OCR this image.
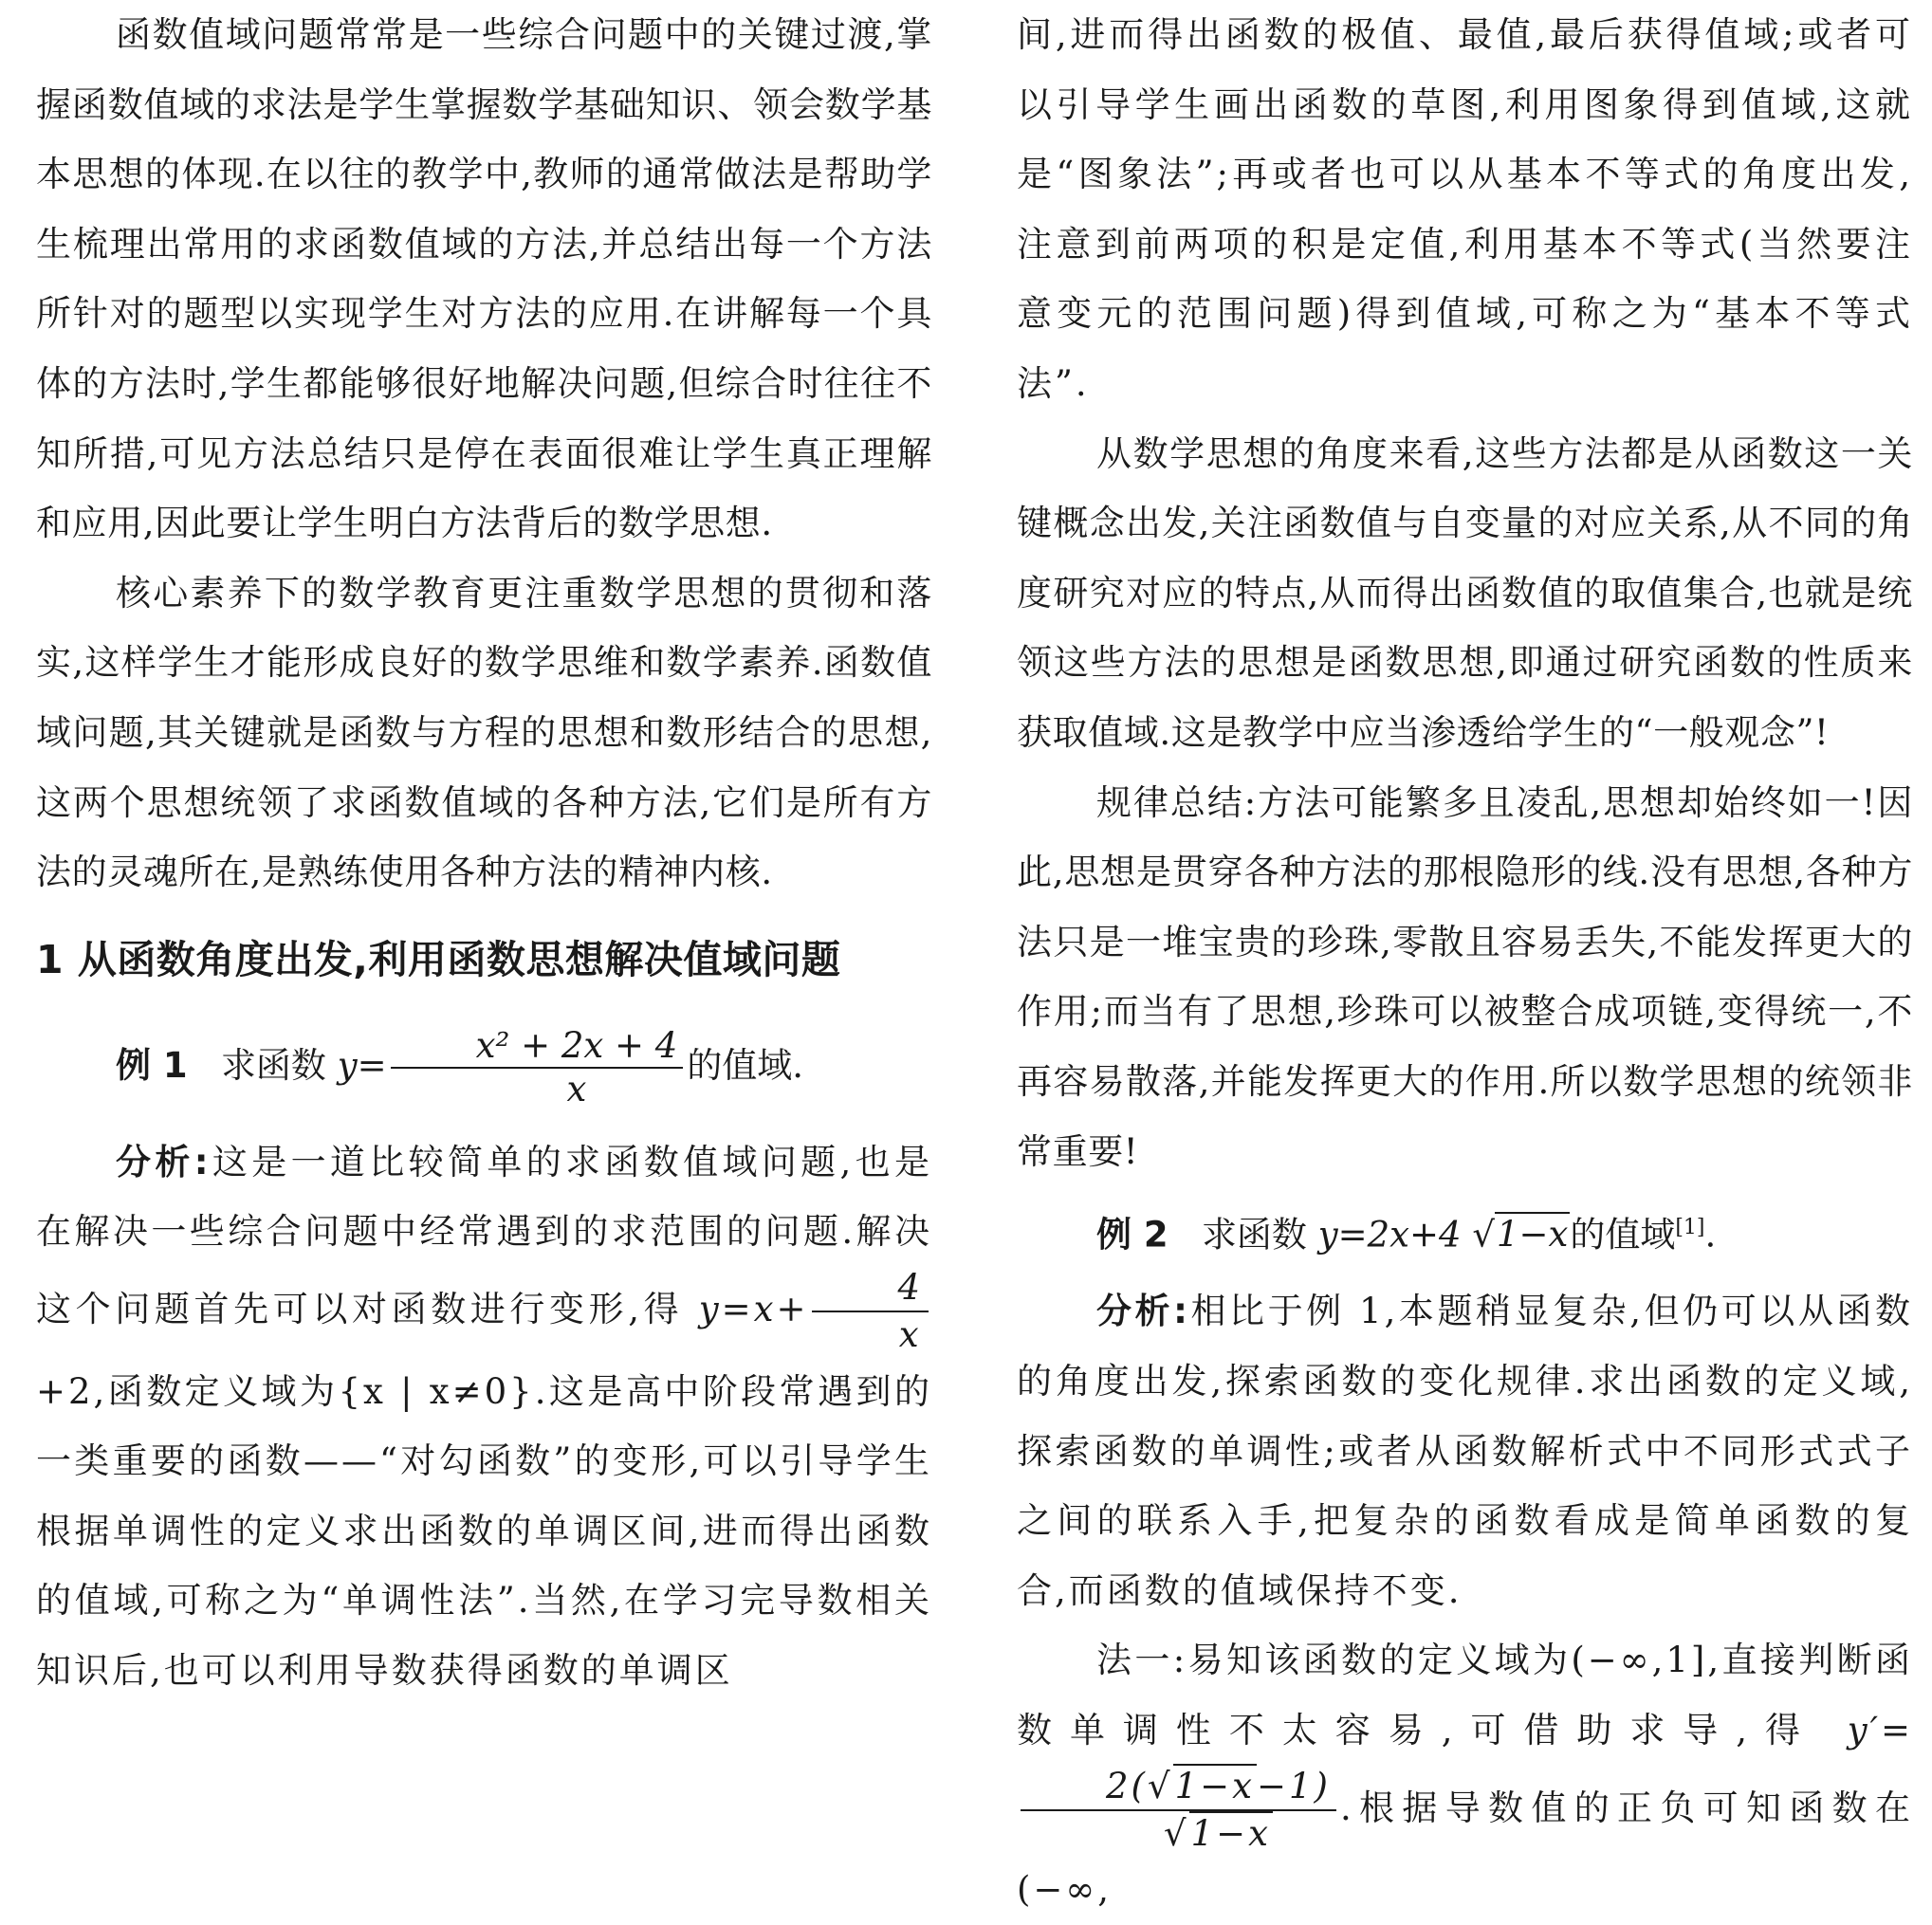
函数值域问题常常是一些综合问题中的关键过渡,掌握函数值域的求法是学生掌握数学基础知识、领会数学基本思想的体现.在以往的教学中,教师的通常做法是帮助学生梳理出常用的求函数值域的方法,并总结出每一个方法所针对的题型以实现学生对方法的应用.在讲解每一个具体的方法时,学生都能够很好地解决问题,但综合时往往不知所措,可见方法总结只是停在表面很难让学生真正理解和应用,因此要让学生明白方法背后的数学思想.

核心素养下的数学教育更注重数学思想的贯彻和落实,这样学生才能形成良好的数学思维和数学素养.函数值域问题,其关键就是函数与方程的思想和数形结合的思想,这两个思想统领了求函数值域的各种方法,它们是所有方法的灵魂所在,是熟练使用各种方法的精神内核.

1 从函数角度出发,利用函数思想解决值域问题

例 1 求函数 $y= \frac{\text{x² + 2x + 4}}{x}$ 的值域.

分析:这是一道比较简单的求函数值域问题,也是在解决一些综合问题中经常遇到的求范围的问题.解决这个问题首先可以对函数进行变形,得 $y=x+ \frac{4}{x}$
+2,函数定义域为{x | x≠0}.这是高中阶段常遇到的一类重要的函数——“对勾函数”的变形,可以引导学生根据单调性的定义求出函数的单调区间,进而得出函数的值域,可称之为“单调性法”.当然,在学习完导数相关知识后,也可以利用导数获得函数的单调区

间,进而得出函数的极值、最值,最后获得值域;或者可以引导学生画出函数的草图,利用图象得到值域,这就是“图象法”;再或者也可以从基本不等式的角度出发,注意到前两项的积是定值,利用基本不等式(当然要注意变元的范围问题)得到值域,可称之为“基本不等式法”.

从数学思想的角度来看,这些方法都是从函数这一关键概念出发,关注函数值与自变量的对应关系,从不同的角度研究对应的特点,从而得出函数值的取值集合,也就是统领这些方法的思想是函数思想,即通过研究函数的性质来获取值域.这是教学中应当渗透给学生的“一般观念”!

规律总结:方法可能繁多且凌乱,思想却始终如一!因此,思想是贯穿各种方法的那根隐形的线.没有思想,各种方法只是一堆宝贵的珍珠,零散且容易丢失,不能发挥更大的作用;而当有了思想,珍珠可以被整合成项链,变得统一,不再容易散落,并能发挥更大的作用.所以数学思想的统领非常重要!

例 2 求函数 y=2x+4 √1−x的值域[1].

分析:相比于例 1,本题稍显复杂,但仍可以从函数的角度出发,探索函数的变化规律.求出函数的定义域,探索函数的单调性;或者从函数解析式中不同形式式子之间的联系入手,把复杂的函数看成是简单函数的复合,而函数的值域保持不变.

法一:易知该函数的定义域为(−∞,1],直接判断函数单调性不太容易,可借助求导,得 y′=
$\frac{2(√1-x-1)}{√1-x}$ .根据导数值的正负可知函数在(−∞,
